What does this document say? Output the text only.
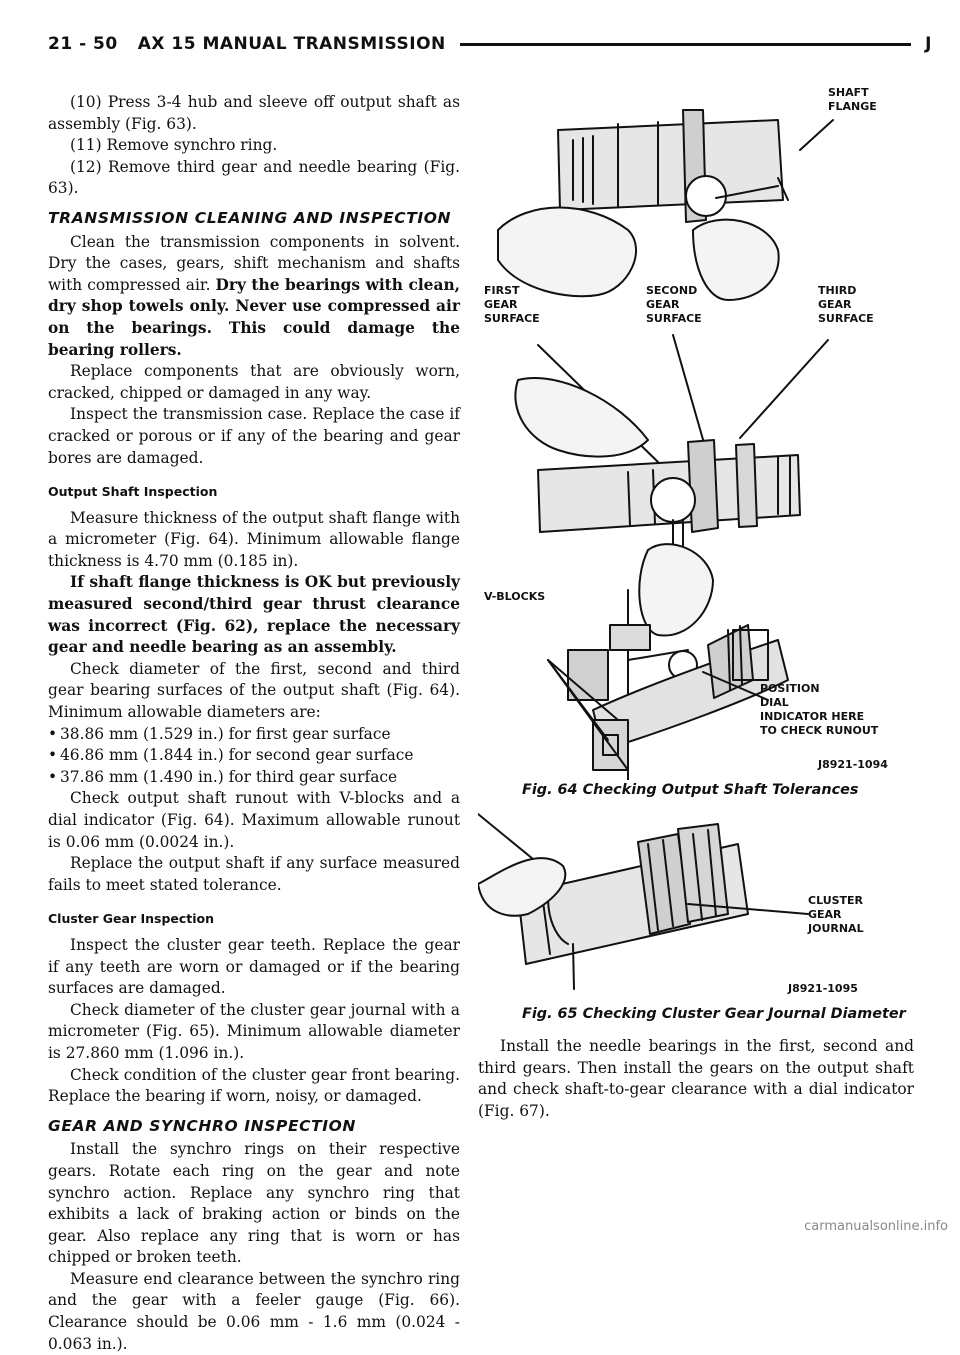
21 - 50 AX 15 MANUAL TRANSMISSION	J

(10) Press 3-4 hub and sleeve off output shaft as assembly (Fig. 63).

(11) Remove synchro ring.

(12) Remove third gear and needle bearing (Fig. 63).

TRANSMISSION CLEANING AND INSPECTION

Clean the transmission components in solvent. Dry the cases, gears, shift mechanism and shafts with compressed air. Dry the bearings with clean, dry shop towels only. Never use compressed air on the bearings. This could damage the bearing rollers.

Replace components that are obviously worn, cracked, chipped or damaged in any way.

Inspect the transmission case. Replace the case if cracked or porous or if any of the bearing and gear bores are damaged.

Output Shaft Inspection

Measure thickness of the output shaft flange with a micrometer (Fig. 64). Minimum allowable flange thickness is 4.70 mm (0.185 in).

If shaft flange thickness is OK but previously measured second/third gear thrust clearance was incorrect (Fig. 62), replace the necessary gear and needle bearing as an assembly.

Check diameter of the first, second and third gear bearing surfaces of the output shaft (Fig. 64). Minimum allowable diameters are:

• 38.86 mm (1.529 in.) for first gear surface
• 46.86 mm (1.844 in.) for second gear surface
• 37.86 mm (1.490 in.) for third gear surface

Check output shaft runout with V-blocks and a dial indicator (Fig. 64). Maximum allowable runout is 0.06 mm (0.0024 in.).

Replace the output shaft if any surface measured fails to meet stated tolerance.

Cluster Gear Inspection

Inspect the cluster gear teeth. Replace the gear if any teeth are worn or damaged or if the bearing surfaces are damaged.

Check diameter of the cluster gear journal with a micrometer (Fig. 65). Minimum allowable diameter is 27.860 mm (1.096 in.).

Check condition of the cluster gear front bearing. Replace the bearing if worn, noisy, or damaged.

GEAR AND SYNCHRO INSPECTION

Install the synchro rings on their respective gears. Rotate each ring on the gear and note synchro action. Replace any synchro ring that exhibits a lack of braking action or binds on the gear. Also replace any ring that is worn or has chipped or broken teeth.

Measure end clearance between the synchro ring and the gear with a feeler gauge (Fig. 66). Clearance should be 0.06 mm - 1.6 mm (0.024 - 0.063 in.).

SHAFT
FLANGE
FIRST
GEAR
SURFACE
SECOND
GEAR
SURFACE
THIRD
GEAR
SURFACE
V-BLOCKS
POSITION
DIAL
INDICATOR HERE
TO CHECK RUNOUT
J8921-1094
Fig. 64 Checking Output Shaft Tolerances
CLUSTER
GEAR
JOURNAL
J8921-1095
Fig. 65 Checking Cluster Gear Journal Diameter

Install the needle bearings in the first, second and third gears. Then install the gears on the output shaft and check shaft-to-gear clearance with a dial indicator (Fig. 67).

carmanualsonline.info
